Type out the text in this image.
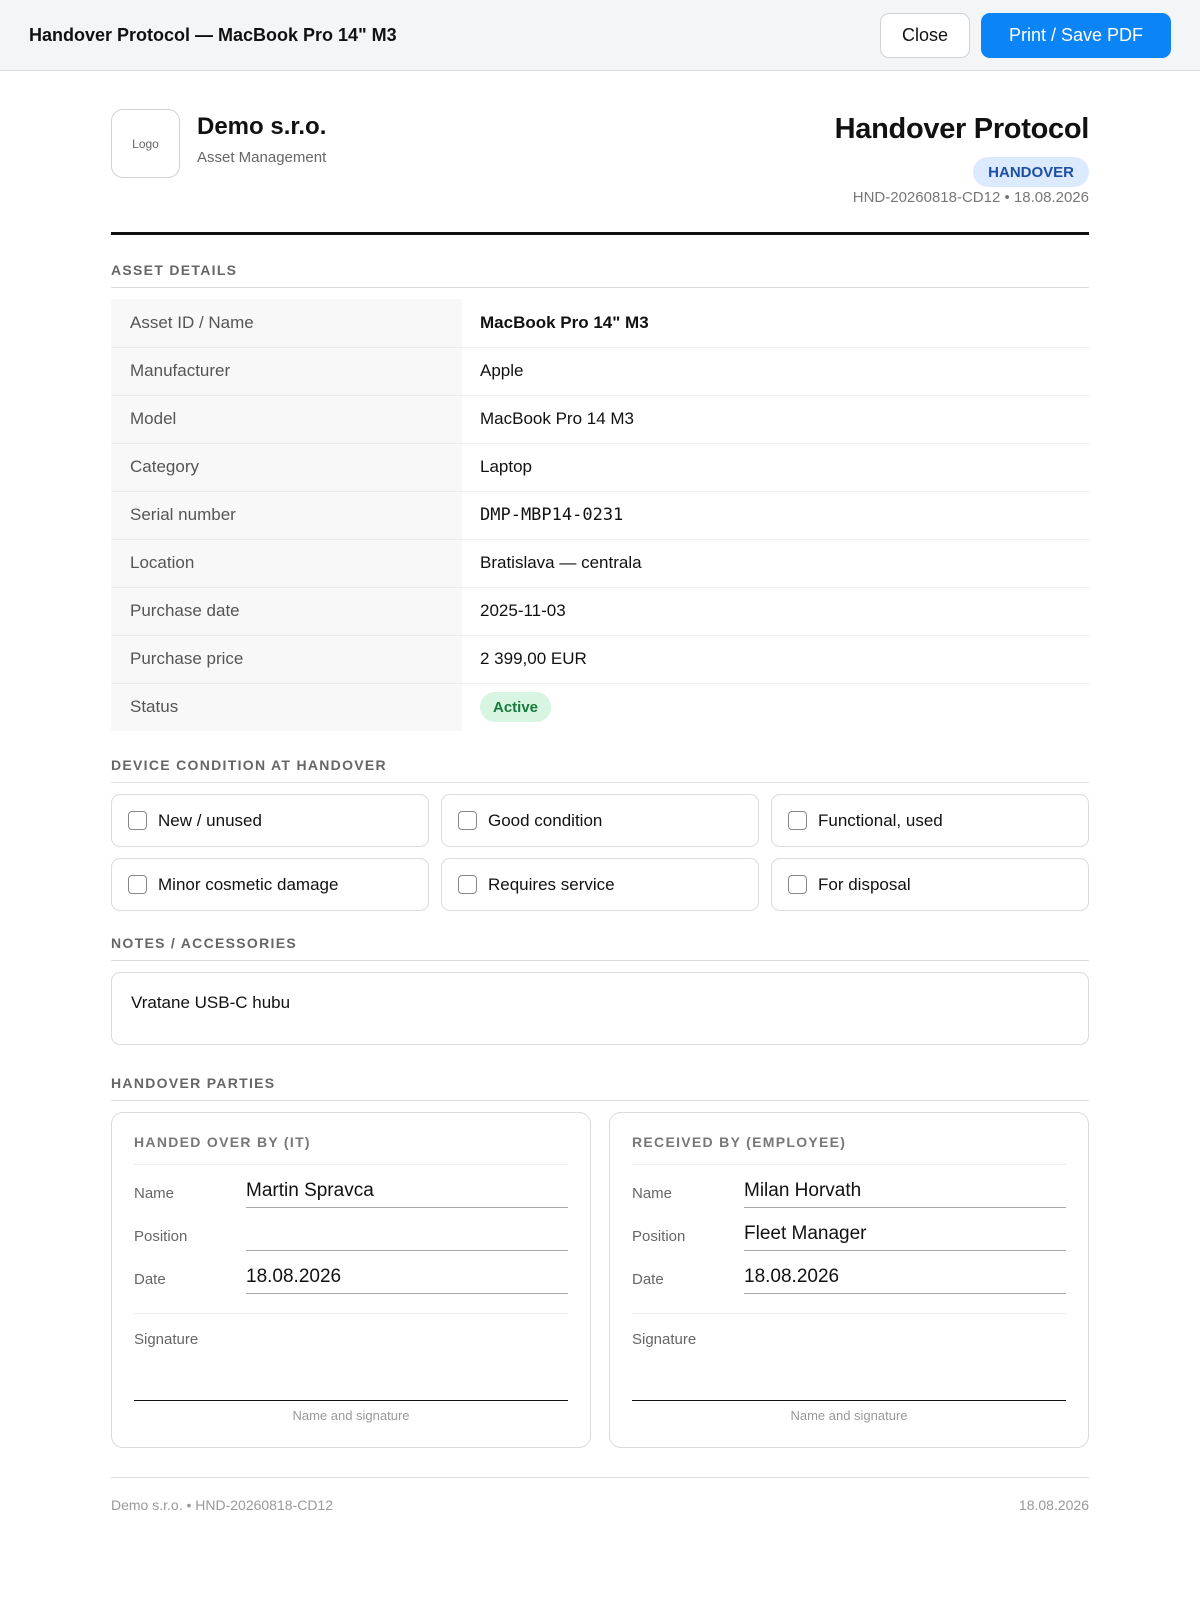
Handover Protocol — MacBook Pro 14" M3	Close	Print / Save PDF
Logo
Demo s.r.o.
Asset Management
Handover Protocol
HANDOVER
HND-20260818-CD12 • 18.08.2026
ASSET DETAILS
Asset ID / Name	MacBook Pro 14" M3
Manufacturer	Apple
Model	MacBook Pro 14 M3
Category	Laptop
Serial number	DMP-MBP14-0231
Location	Bratislava — centrala
Purchase date	2025-11-03
Purchase price	2 399,00 EUR
Status	Active
DEVICE CONDITION AT HANDOVER
New / unused	Good condition	Functional, used
Minor cosmetic damage	Requires service	For disposal
NOTES / ACCESSORIES
Vratane USB-C hubu
HANDOVER PARTIES
HANDED OVER BY (IT)
Name	Martin Spravca
Position
Date	18.08.2026
Signature
Name and signature
RECEIVED BY (EMPLOYEE)
Name	Milan Horvath
Position	Fleet Manager
Date	18.08.2026
Signature
Name and signature
Demo s.r.o. • HND-20260818-CD12	18.08.2026
